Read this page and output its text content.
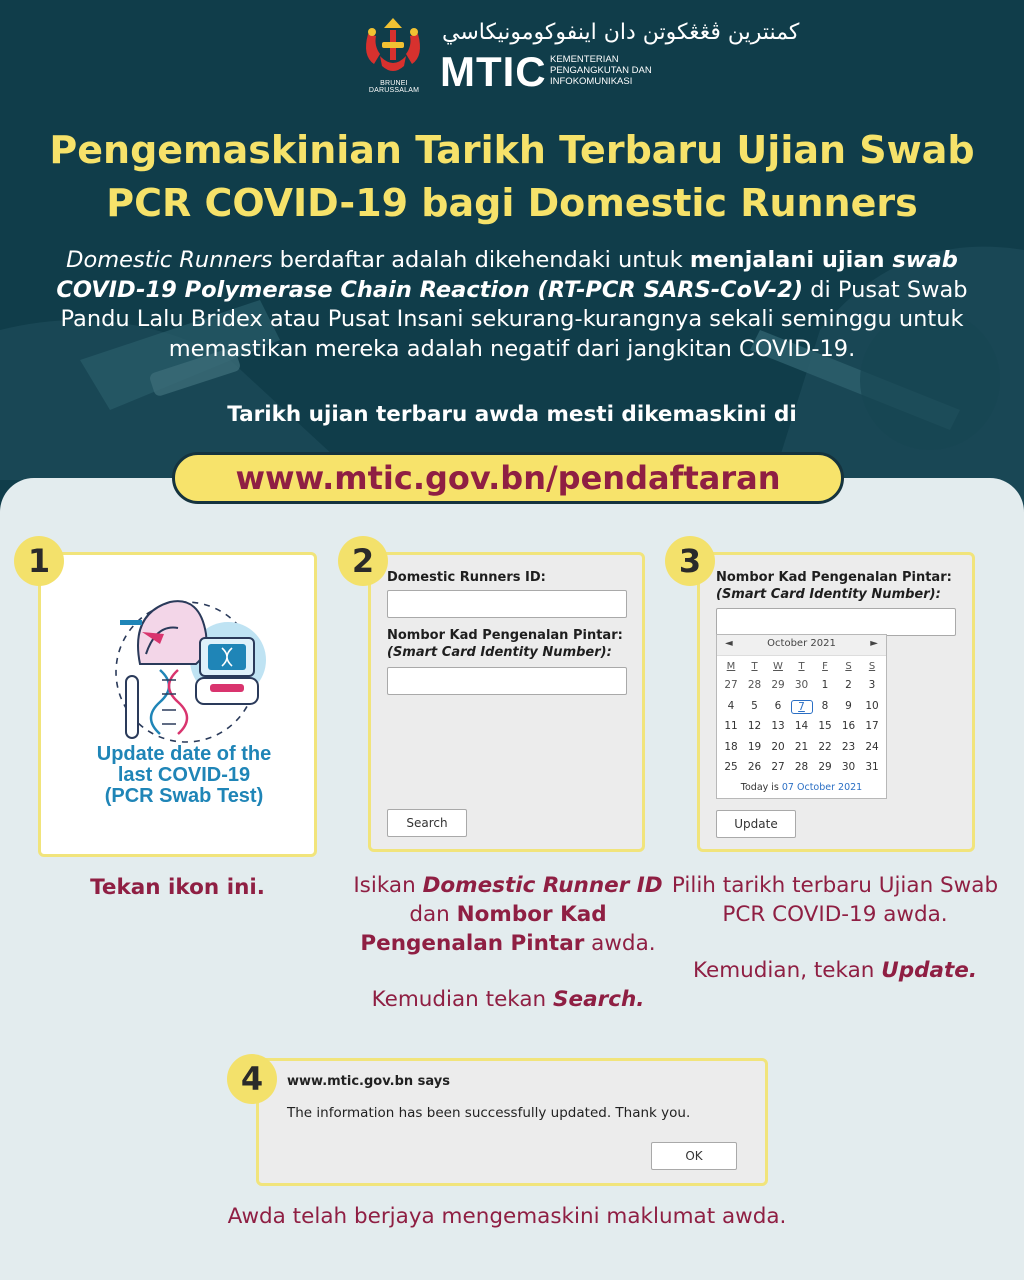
BRUNEI DARUSSALAM
كمنترين ڤڠڠكوتن دان اينفوكومونيكاسي
MTIC KEMENTERIAN
PENGANGKUTAN DAN
INFOKOMUNIKASI
Pengemaskinian Tarikh Terbaru Ujian Swab
PCR COVID-19 bagi Domestic Runners
Domestic Runners berdaftar adalah dikehendaki untuk menjalani ujian swab COVID-19 Polymerase Chain Reaction (RT-PCR SARS-CoV-2) di Pusat Swab Pandu Lalu Bridex atau Pusat Insani sekurang-kurangnya sekali seminggu untuk memastikan mereka adalah negatif dari jangkitan COVID-19.
Tarikh ujian terbaru awda mesti dikemaskini di
www.mtic.gov.bn/pendaftaran
1
Update date of the
last COVID-19
(PCR Swab Test)
Tekan ikon ini.
2 Domestic Runners ID:
Nombor Kad Pengenalan Pintar:
(Smart Card Identity Number):
Search
Isikan Domestic Runner ID
dan Nombor Kad Pengenalan Pintar awda.
Kemudian tekan Search.
3	Nombor Kad Pengenalan Pintar:
(Smart Card Identity Number):
◄	October 2021	►
M	T	W	T	F	S	S
27 28 29 30	1	2	3
4	5	6	7	8	9	10
11 12 13 14 15 16 17
18 19 20 21 22 23 24
25 26 27 28 29 30 31
Today is 07 October 2021
Update
Pilih tarikh terbaru Ujian Swab PCR COVID-19 awda.
Kemudian, tekan Update.
4	www.mtic.gov.bn says
The information has been successfully updated. Thank you.
OK
Awda telah berjaya mengemaskini maklumat awda.
